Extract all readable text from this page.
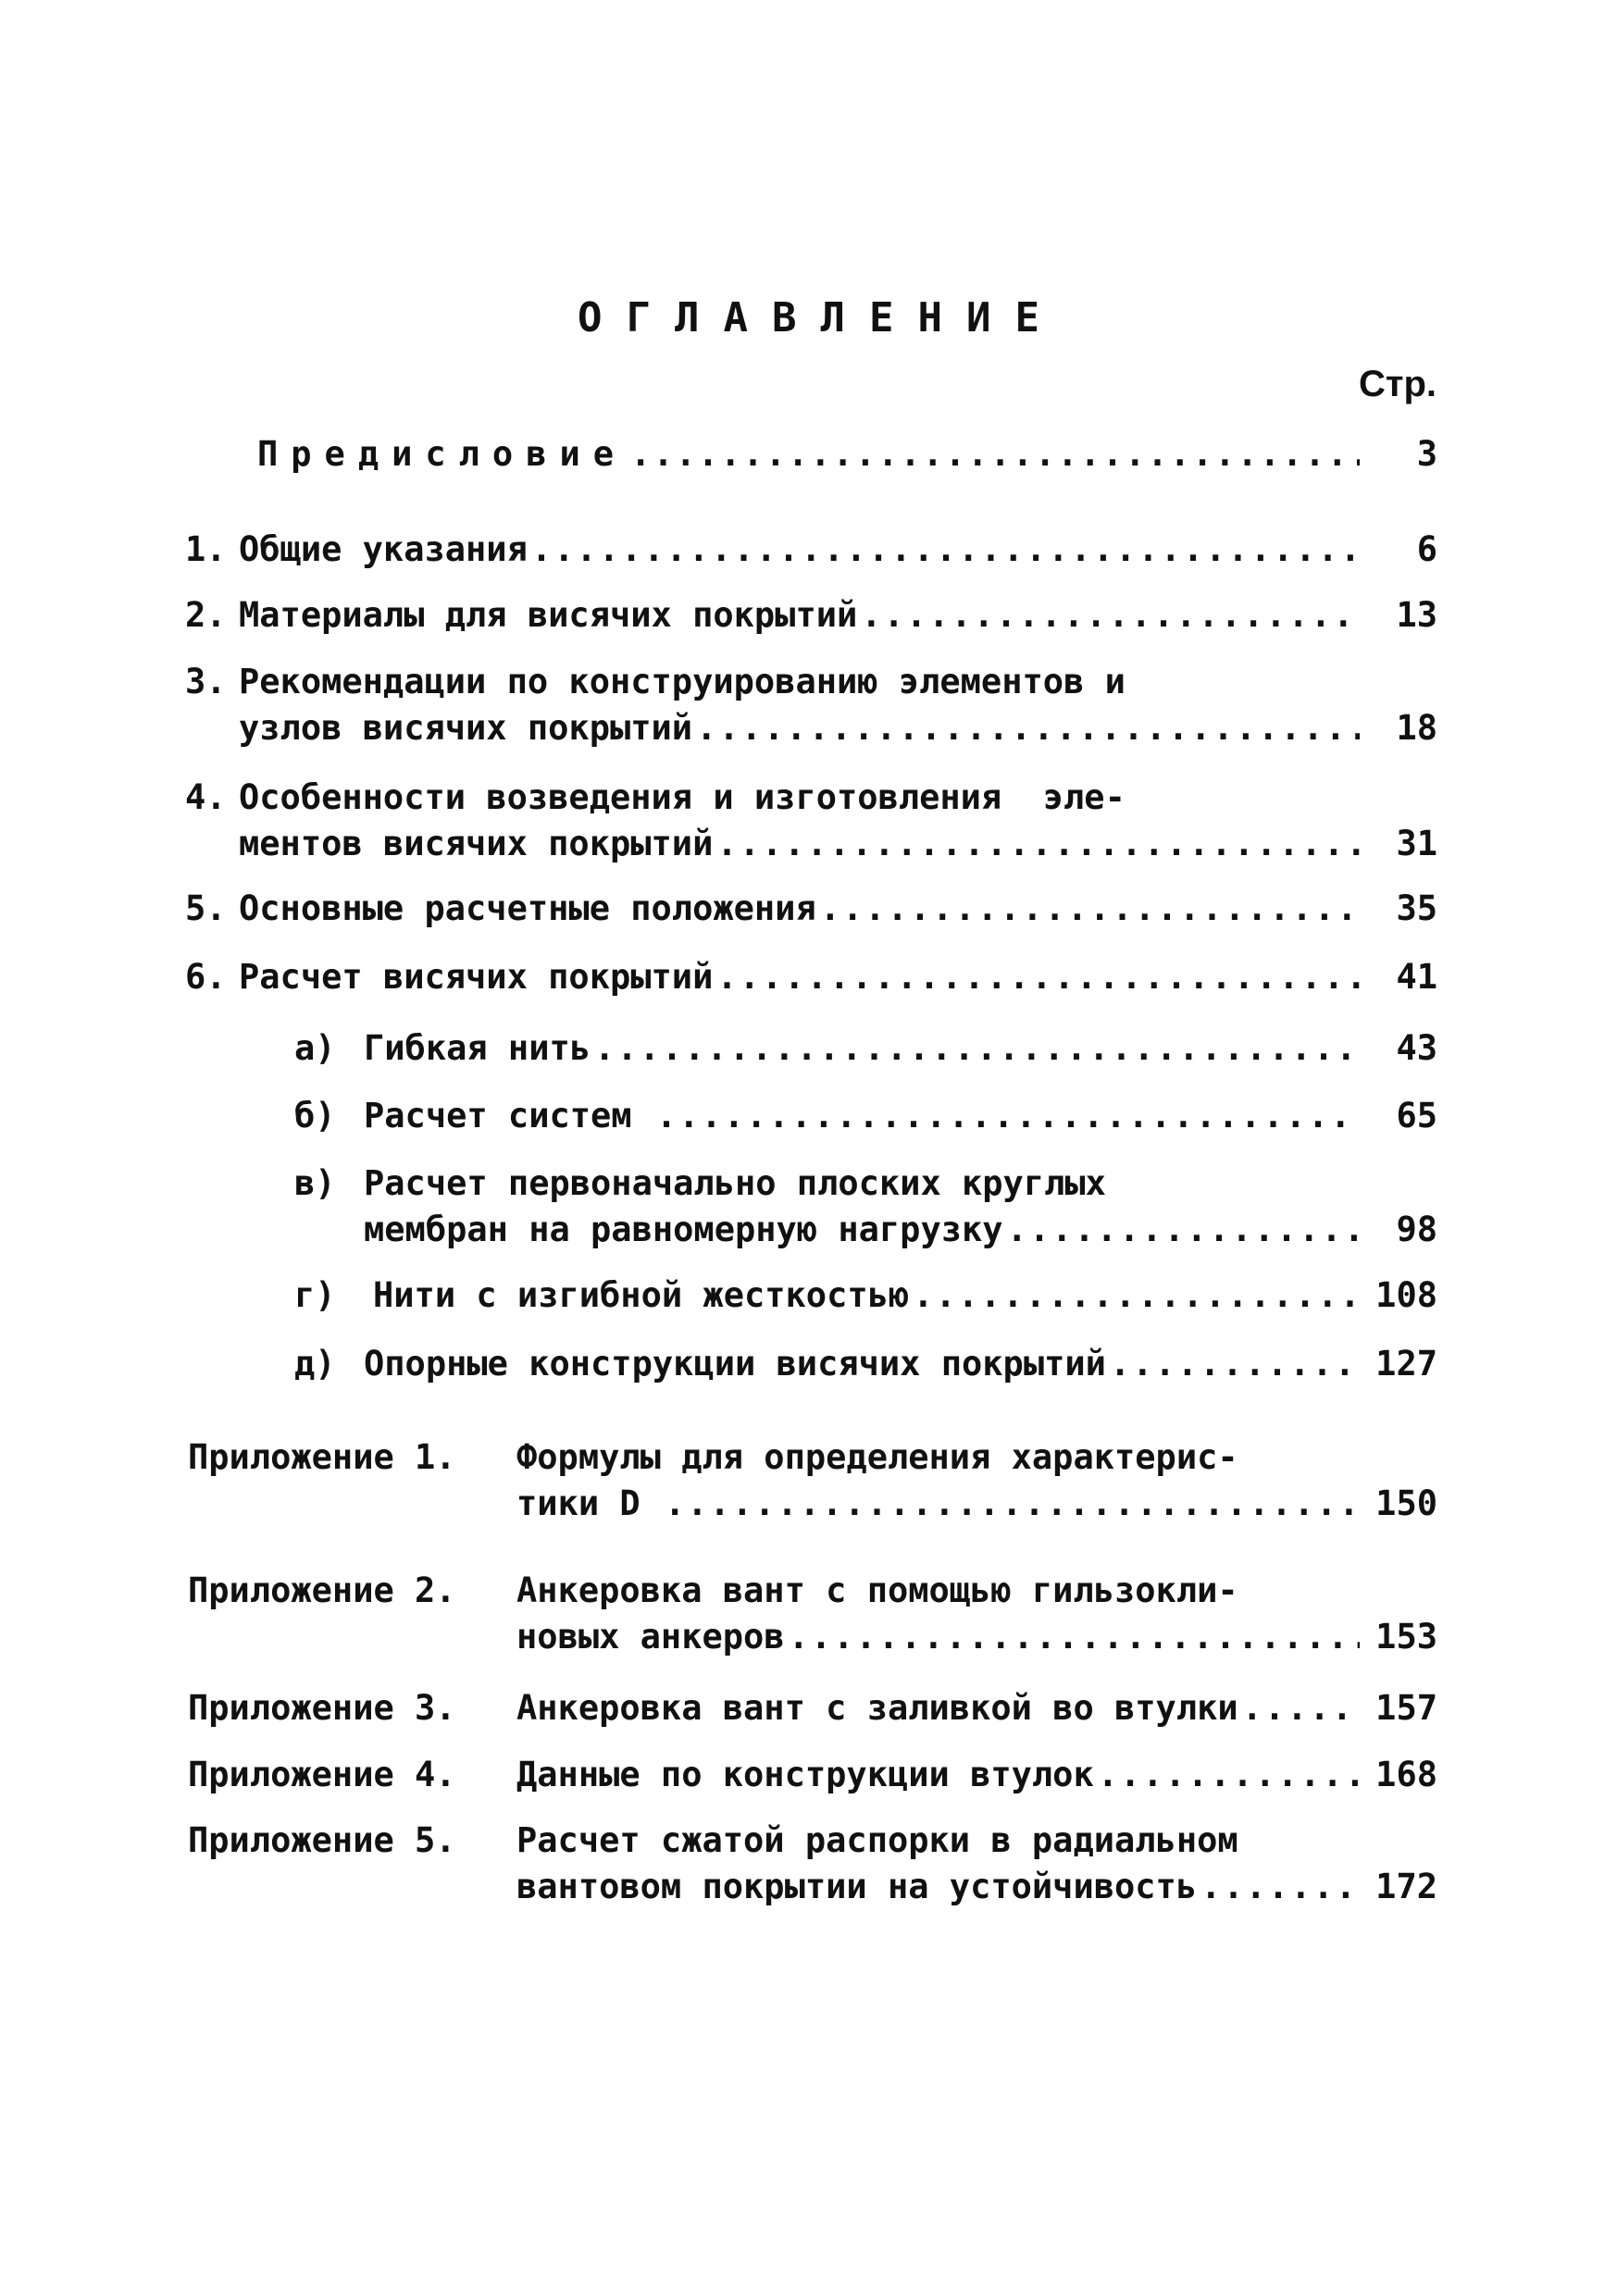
ОГЛАВЛЕНИЕ
Стр.
Предисловие .....	3
1. Общие указания .....	6
2. Материалы для висячих покрытий .....	13
3. Рекомендации по конструированию элементов и
узлов висячих покрытий .....	18
4. Особенности возведения и изготовления  эле-
ментов висячих покрытий .....	31
5. Основные расчетные положения .....	35
6. Расчет висячих покрытий .....	41
а) Гибкая нить .....	43
б) Расчет систем .....	65
в) Расчет первоначально плоских круглых
мембран на равномерную нагрузку .....	98
г)	Нити с изгибной жесткостью .....	108
д) Опорные конструкции висячих покрытий .....	127
Приложение 1.	Формулы для определения характерис-
тики D .....	150
Приложение 2.	Анкеровка вант с помощью гильзокли-
новых анкеров .....	153
Приложение 3.	Анкеровка вант с заливкой во втулки .....	157
Приложение 4.	Данные по конструкции втулок .....	168
Приложение 5.	Расчет сжатой распорки в радиальном
вантовом покрытии на устойчивость .....	172
